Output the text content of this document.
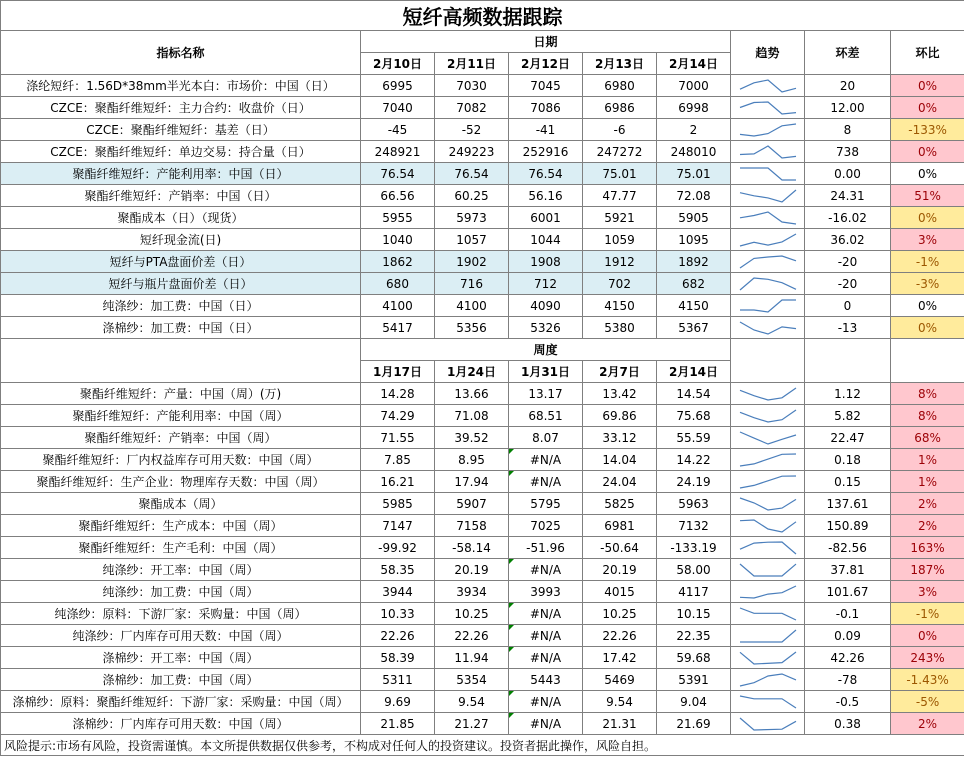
短纤高频数据跟踪								
指标名称	日期					趋势	环差	环比
	2月10日	2月11日	2月12日	2月13日	2月14日			
涤纶短纤：1.56D*38mm半光本白：市场价：中国（日）	6995	7030	7045	6980	7000		20	0%
CZCE：聚酯纤维短纤：主力合约：收盘价（日）	7040	7082	7086	6986	6998		12.00	0%
CZCE：聚酯纤维短纤：基差（日）	-45	-52	-41	-6	2		8	-133%
CZCE：聚酯纤维短纤：单边交易：持合量（日）	248921	249223	252916	247272	248010		738	0%
聚酯纤维短纤：产能利用率：中国（日）	76.54	76.54	76.54	75.01	75.01		0.00	0%
聚酯纤维短纤：产销率：中国（日）	66.56	60.25	56.16	47.77	72.08		24.31	51%
聚酯成本（日）（现货）	5955	5973	6001	5921	5905		-16.02	0%
短纤现金流(日)	1040	1057	1044	1059	1095		36.02	3%
短纤与PTA盘面价差（日）	1862	1902	1908	1912	1892		-20	-1%
短纤与瓶片盘面价差（日）	680	716	712	702	682		-20	-3%
纯涤纱：加工费：中国（日）	4100	4100	4090	4150	4150		0	0%
涤棉纱：加工费：中国（日）	5417	5356	5326	5380	5367		-13	0%
	周度							
	1月17日	1月24日	1月31日	2月7日	2月14日			
聚酯纤维短纤：产量：中国（周）(万)	14.28	13.66	13.17	13.42	14.54		1.12	8%
聚酯纤维短纤：产能利用率：中国（周）	74.29	71.08	68.51	69.86	75.68		5.82	8%
聚酯纤维短纤：产销率：中国（周）	71.55	39.52	8.07	33.12	55.59		22.47	68%
聚酯纤维短纤：厂内权益库存可用天数：中国（周）	7.85	8.95	#N/A	14.04	14.22		0.18	1%
聚酯纤维短纤：生产企业：物理库存天数：中国（周）	16.21	17.94	#N/A	24.04	24.19		0.15	1%
聚酯成本（周）	5985	5907	5795	5825	5963		137.61	2%
聚酯纤维短纤：生产成本：中国（周）	7147	7158	7025	6981	7132		150.89	2%
聚酯纤维短纤：生产毛利：中国（周）	-99.92	-58.14	-51.96	-50.64	-133.19		-82.56	163%
纯涤纱：开工率：中国（周）	58.35	20.19	#N/A	20.19	58.00		37.81	187%
纯涤纱：加工费：中国（周）	3944	3934	3993	4015	4117		101.67	3%
纯涤纱：原料：下游厂家：采购量：中国（周）	10.33	10.25	#N/A	10.25	10.15		-0.1	-1%
纯涤纱：厂内库存可用天数：中国（周）	22.26	22.26	#N/A	22.26	22.35		0.09	0%
涤棉纱：开工率：中国（周）	58.39	11.94	#N/A	17.42	59.68		42.26	243%
涤棉纱：加工费：中国（周）	5311	5354	5443	5469	5391		-78	-1.43%
涤棉纱：原料：聚酯纤维短纤：下游厂家：采购量：中国（周）	9.69	9.54	#N/A	9.54	9.04		-0.5	-5%
涤棉纱：厂内库存可用天数：中国（周）	21.85	21.27	#N/A	21.31	21.69		0.38	2%
风险提示:市场有风险，投资需谨慎。本文所提供数据仅供参考，不构成对任何人的投资建议。投资者据此操作，风险自担。								
